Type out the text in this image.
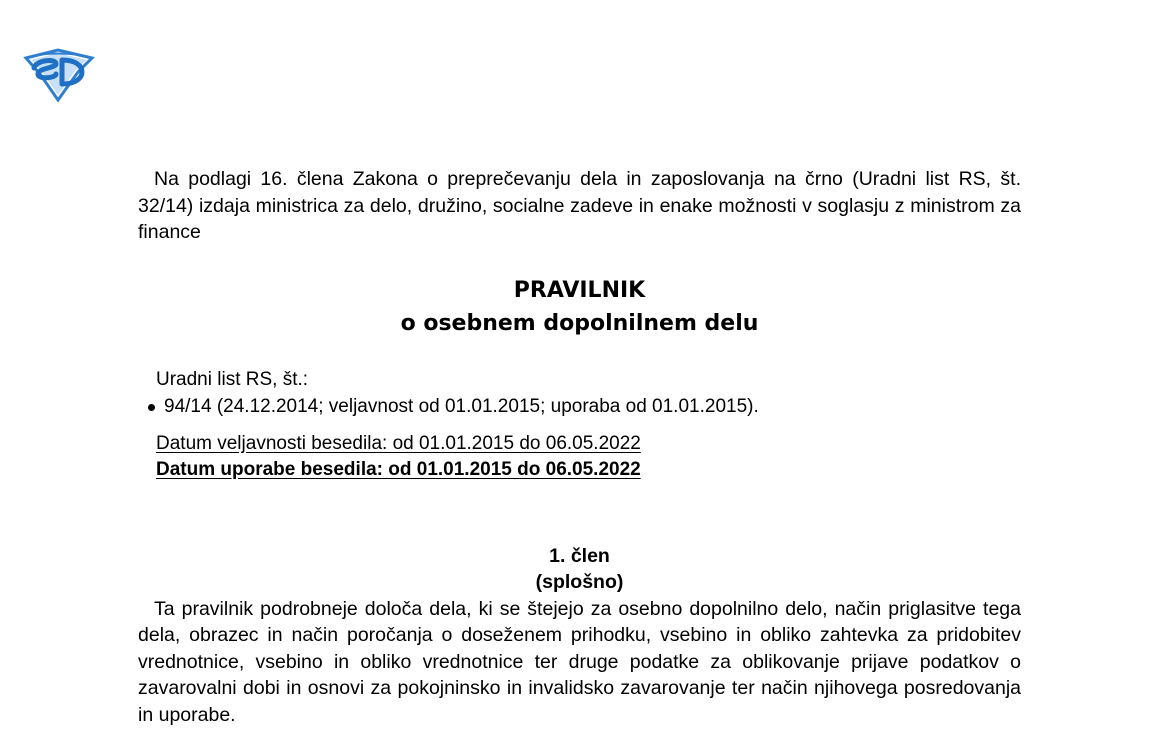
Na podlagi 16. člena Zakona o preprečevanju dela in zaposlovanja na črno (Uradni list RS, št. 32/14) izdaja ministrica za delo, družino, socialne zadeve in enake možnosti v soglasju z ministrom za finance

PRAVILNIK
o osebnem dopolnilnem delu
Uradni list RS, št.:
94/14 (24.12.2014; veljavnost od 01.01.2015; uporaba od 01.01.2015).
Datum veljavnosti besedila: od 01.01.2015 do 06.05.2022
Datum uporabe besedila: od 01.01.2015 do 06.05.2022
1. člen
(splošno)

Ta pravilnik podrobneje določa dela, ki se štejejo za osebno dopolnilno delo, način priglasitve tega dela, obrazec in način poročanja o doseženem prihodku, vsebino in obliko zahtevka za pridobitev vrednotnice, vsebino in obliko vrednotnice ter druge podatke za oblikovanje prijave podatkov o zavarovalni dobi in osnovi za pokojninsko in invalidsko zavarovanje ter način njihovega posredovanja in uporabe.
